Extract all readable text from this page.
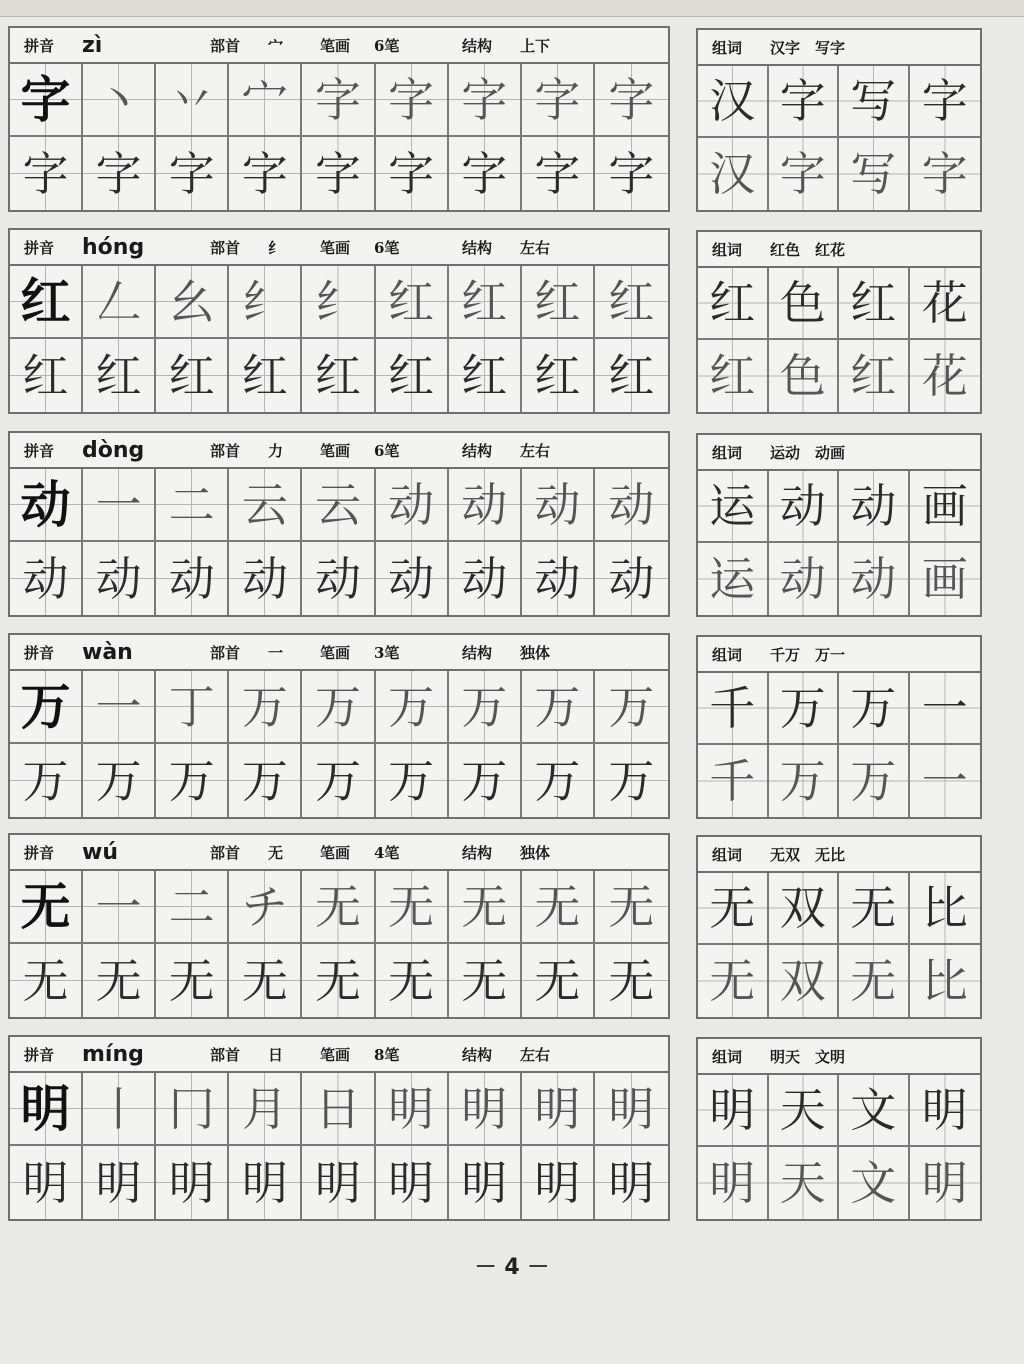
拼音 zì	部首 宀 笔画 6笔	结构 上下
字 丶 丷 宀 字 字 字 字 字
字 字 字 字 字 字 字 字 字
组词 汉字　写字
汉 字 写 字
汉 字 写 字
拼音 hóng	部首 纟 笔画 6笔	结构 左右
红 𠃋 幺 纟 纟 红 红 红 红
红 红 红 红 红 红 红 红 红
组词 红色　红花
红 色 红 花
红 色 红 花
拼音 dòng	部首 力 笔画 6笔	结构 左右
动 一 二 云 云 动 动 动 动
动 动 动 动 动 动 动 动 动
组词 运动　动画
运 动 动 画
运 动 动 画
拼音 wàn	部首 一 笔画 3笔	结构 独体
万 一 丁 万 万 万 万 万 万
万 万 万 万 万 万 万 万 万
组词 千万　万一
千 万 万 一
千 万 万 一
拼音 wú	部首 无 笔画 4笔	结构 独体
无 一 二 チ 无 无 无 无 无
无 无 无 无 无 无 无 无 无
组词 无双　无比
无 双 无 比
无 双 无 比
拼音 míng	部首 日 笔画 8笔	结构 左右
明 丨 冂 月 日 明 明 明 明
明 明 明 明 明 明 明 明 明
组词 明天　文明
明 天 文 明
明 天 文 明
－ 4 －
